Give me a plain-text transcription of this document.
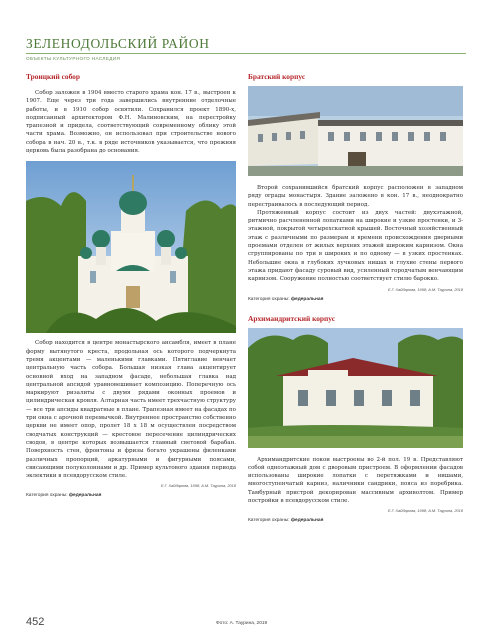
ЗЕЛЕНОДОЛЬСКИЙ РАЙОН
ОБЪЕКТЫ КУЛЬТУРНОГО НАСЛЕДИЯ
Троицкий собор

Собор заложен в 1904 вместо старого храма кон. 17 в., выстроен к 1907. Еще через три года завершились внутренние отделочные работы, и в 1910 собор освятили. Сохранился проект 1890-х, подписанный архитектором Ф.Н. Малиновским, на перестройку трапезной и придела, соответствующий современному облику этой части храма. Возможно, он использовал при строительстве нового собора в нач. 20 в., т.к. в ряде источников указывается, что прежняя церковь была разобрана до основания.

Собор находится в центре монастырского ансамбля, имеет в плане форму вытянутого креста, продольная ось которого подчеркнута тремя акцентами — маленькими главками. Пятиглавие венчает центральную часть собора. Большая низкая глава акцентирует основной вход на западном фасаде, небольшая главка над центральной апсидой уравновешивает композицию. Поперечную ось маркируют ризалиты с двумя рядами оконных проемов и цилиндрическая кровля. Алтарная часть имеет трехчастную структуру — все три апсиды квадратные в плане. Трапезная имеет на фасадах по три окна с арочной перемычкой. Внутреннее пространство собственно церкви не имеет опор, пролет 18 х 18 м осуществлен посредством сводчатых конструкций — крестовое пересечение цилиндрических сводов, в центре которых возвышается главный световой барабан. Поверхность стен, фронтоны и фризы богато украшены филенками различных пропорций, аркатурными и фигурными поясами, свисающими полуколоннами и др. Пример культового здания периода эклектики в псевдорусском стиле.

Е.Г. Хайдарова, 1998; А.М. Таурина, 2018
Категория охраны: федеральная
Братский корпус

Второй сохранившийся братский корпус расположен в западном ряду ограды монастыря. Здание заложено в кон. 17 в., неоднократно перестраивалось в последующий период.

Протяженный корпус состоит из двух частей: двухэтажной, ритмично расчлененной лопатками на широкие и узкие простенки, и 3-этажной, покрытой четырехскатной крышей. Восточный хозяйственный этаж с различными по размерам и времени происхождения дверными проемами отделен от жилых верхних этажей широким карнизом. Окна сгруппированы по три в широких и по одному — в узких простенках. Небольшие окна в глубоких лучковых нишах и глухие стены первого этажа придают фасаду суровый вид, усиленный городчатым венчающим карнизом. Сооружение полностью соответствует стилю барокко.

Е.Г. Хайдарова, 1998; А.М. Таурина, 2018
Категория охраны: федеральная
Архимандритский корпус

Архимандритские покои выстроены во 2-й пол. 19 в. Представляют собой одноэтажный дом с дворовым пристроем. В оформлении фасадов использованы широкие лопатки с перетяжками и нишами, многоступенчатый карниз, наличники сандрики, пояса из поребрика. Тамбурный пристрой декорирован массивным архиволтом. Пример постройки в псевдорусском стиле.

Е.Г. Хайдарова, 1998; А.М. Таурина, 2018
Категория охраны: федеральная
452	Фото: А. Таурина, 2019
